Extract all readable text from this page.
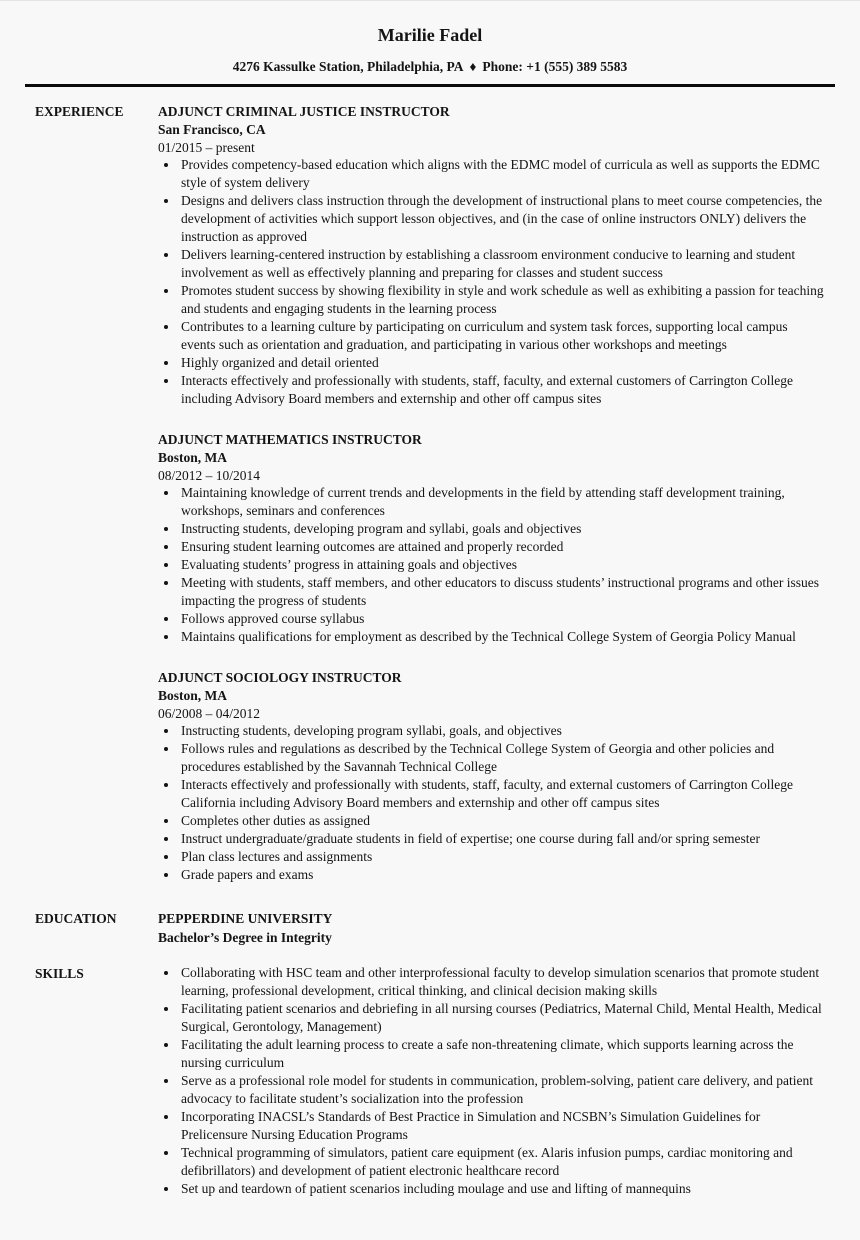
Marilie Fadel

4276 Kassulke Station, Philadelphia, PA ♦ Phone: +1 (555) 389 5583

EXPERIENCE	ADJUNCT CRIMINAL JUSTICE INSTRUCTOR
San Francisco, CA
01/2015 – present
• Provides competency-based education which aligns with the EDMC model of curricula as well as supports the EDMC style of system delivery
• Designs and delivers class instruction through the development of instructional plans to meet course competencies, the development of activities which support lesson objectives, and (in the case of online instructors ONLY) delivers the instruction as approved
• Delivers learning-centered instruction by establishing a classroom environment conducive to learning and student involvement as well as effectively planning and preparing for classes and student success
• Promotes student success by showing flexibility in style and work schedule as well as exhibiting a passion for teaching and students and engaging students in the learning process
• Contributes to a learning culture by participating on curriculum and system task forces, supporting local campus events such as orientation and graduation, and participating in various other workshops and meetings
• Highly organized and detail oriented
• Interacts effectively and professionally with students, staff, faculty, and external customers of Carrington College including Advisory Board members and externship and other off campus sites
ADJUNCT MATHEMATICS INSTRUCTOR
Boston, MA
08/2012 – 10/2014
• Maintaining knowledge of current trends and developments in the field by attending staff development training, workshops, seminars and conferences
• Instructing students, developing program and syllabi, goals and objectives
• Ensuring student learning outcomes are attained and properly recorded
• Evaluating students’ progress in attaining goals and objectives
• Meeting with students, staff members, and other educators to discuss students’ instructional programs and other issues impacting the progress of students
• Follows approved course syllabus
• Maintains qualifications for employment as described by the Technical College System of Georgia Policy Manual
ADJUNCT SOCIOLOGY INSTRUCTOR
Boston, MA
06/2008 – 04/2012
• Instructing students, developing program syllabi, goals, and objectives
• Follows rules and regulations as described by the Technical College System of Georgia and other policies and procedures established by the Savannah Technical College
• Interacts effectively and professionally with students, staff, faculty, and external customers of Carrington College California including Advisory Board members and externship and other off campus sites
• Completes other duties as assigned
• Instruct undergraduate/graduate students in field of expertise; one course during fall and/or spring semester
• Plan class lectures and assignments
• Grade papers and exams
EDUCATION	PEPPERDINE UNIVERSITY
Bachelor’s Degree in Integrity
SKILLS	• Collaborating with HSC team and other interprofessional faculty to develop simulation scenarios that promote student learning, professional development, critical thinking, and clinical decision making skills
• Facilitating patient scenarios and debriefing in all nursing courses (Pediatrics, Maternal Child, Mental Health, Medical Surgical, Gerontology, Management)
• Facilitating the adult learning process to create a safe non-threatening climate, which supports learning across the nursing curriculum
• Serve as a professional role model for students in communication, problem-solving, patient care delivery, and patient advocacy to facilitate student’s socialization into the profession
• Incorporating INACSL’s Standards of Best Practice in Simulation and NCSBN’s Simulation Guidelines for Prelicensure Nursing Education Programs
• Technical programming of simulators, patient care equipment (ex. Alaris infusion pumps, cardiac monitoring and defibrillators) and development of patient electronic healthcare record
• Set up and teardown of patient scenarios including moulage and use and lifting of mannequins
